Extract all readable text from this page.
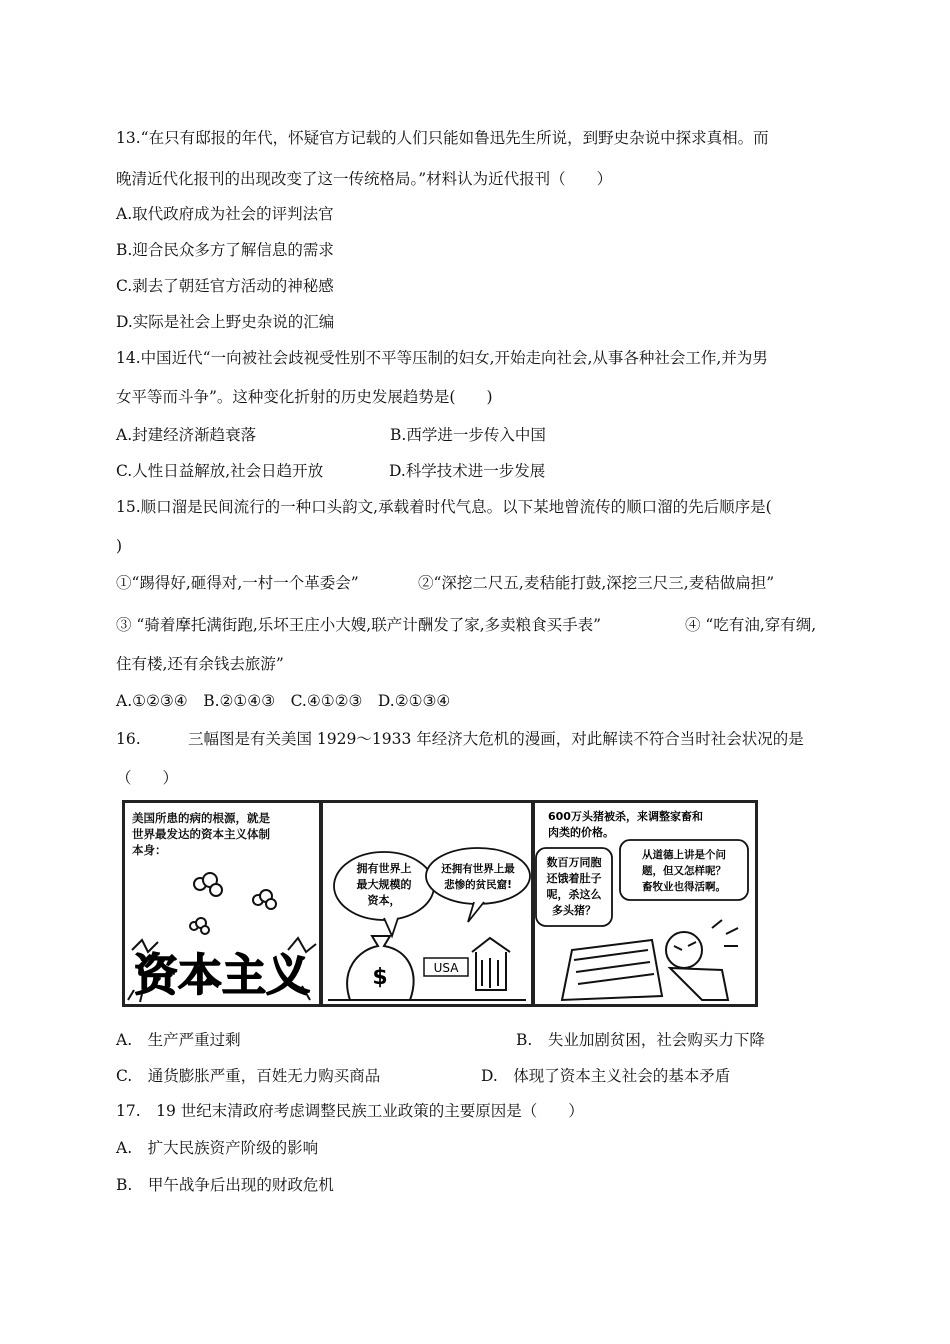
13.“在只有邸报的年代，怀疑官方记载的人们只能如鲁迅先生所说，到野史杂说中探求真相。而
晚清近代化报刊的出现改变了这一传统格局。”材料认为近代报刊（　　）
A.取代政府成为社会的评判法官
B.迎合民众多方了解信息的需求
C.剥去了朝廷官方活动的神秘感
D.实际是社会上野史杂说的汇编
14.中国近代“一向被社会歧视受性别不平等压制的妇女,开始走向社会,从事各种社会工作,并为男
女平等而斗争”。这种变化折射的历史发展趋势是(　　)
A.封建经济渐趋衰落	B.西学进一步传入中国
C.人性日益解放,社会日趋开放	D.科学技术进一步发展
15.顺口溜是民间流行的一种口头韵文,承载着时代气息。以下某地曾流传的顺口溜的先后顺序是(
)
①“踢得好,砸得对,一村一个革委会”	②“深挖二尺五,麦秸能打鼓,深挖三尺三,麦秸做扁担”
③ “骑着摩托满街跑,乐坏王庄小大嫂,联产计酬发了家,多卖粮食买手表”	④ “吃有油,穿有绸,
住有楼,还有余钱去旅游”
A.①②③④　B.②①④③　C.④①②③　D.②①③④
16.	三幅图是有关美国 1929～1933 年经济大危机的漫画，对此解读不符合当时社会状况的是
（　　）
美国所患的病的根源，就是
世界最发达的资本主义体制
本身：
资本主义
拥有世界上
最大规模的
资本，
还拥有世界上最
悲惨的贫民窟!
$	USA
600万头猪被杀，来调整家畜和
肉类的价格。
数百万同胞
还饿着肚子
呢，杀这么
多头猪？
从道德上讲是个问
题，但又怎样呢？
畜牧业也得活啊。
A.　生产严重过剩	B.　失业加剧贫困，社会购买力下降
C.　通货膨胀严重，百姓无力购买商品	D.　体现了资本主义社会的基本矛盾
17.　19 世纪末清政府考虑调整民族工业政策的主要原因是（　　）
A.　扩大民族资产阶级的影响
B.　甲午战争后出现的财政危机
